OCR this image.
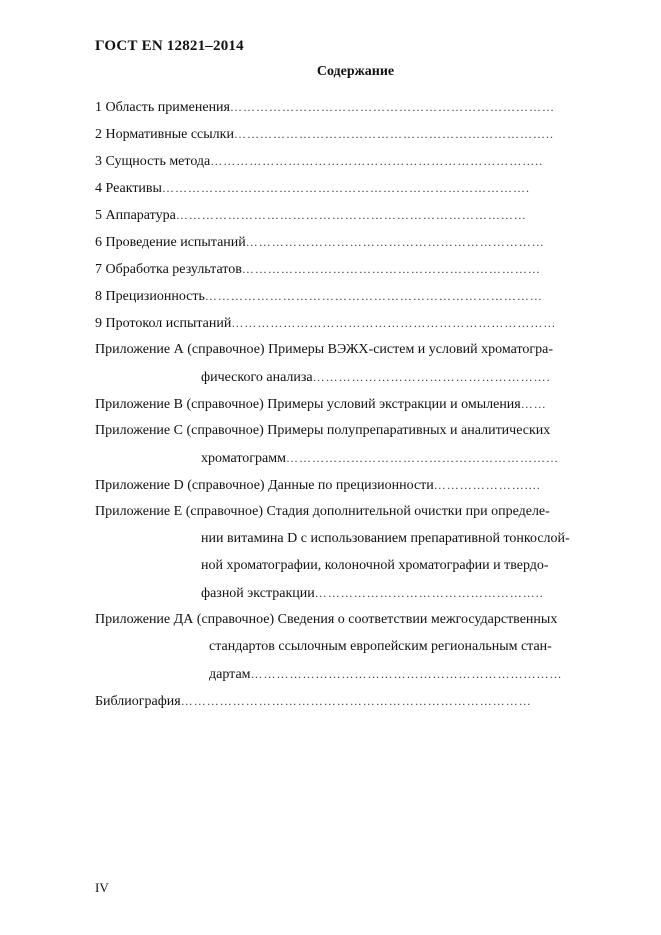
ГОСТ EN 12821–2014
Содержание
1 Область применения…………………………………………………………………
2 Нормативные ссылки………………………………………………………………..
3 Сущность метода…………………………………………………………………..
4 Реактивы………………………………………………………………………….
5 Аппаратура………………………………………………………………………
6 Проведение испытаний……………………………………………………………
7 Обработка результатов……………………………………………………………
8 Прецизионность……………………………………………………………………
9 Протокол испытаний…………………………………………………………………
Приложение А (справочное) Примеры ВЭЖХ-систем и условий хроматогра-
фического анализа……………………………………………….
Приложение В (справочное) Примеры условий экстракции и омыления……
Приложение С (справочное) Примеры полупрепаративных и аналитических
хроматограмм………………………………………………………
Приложение D (справочное) Данные по прецизионности…………………....
Приложение Е (справочное) Стадия дополнительной очистки при определе-
нии витамина D с использованием препаративной тонкослой-
ной хроматографии, колоночной хроматографии и твердо-
фазной экстракции……………………………………………..
Приложение ДА (справочное) Сведения о соответствии межгосударственных
стандартов ссылочным европейским региональным стан-
дартам………………………………………………………………
Библиография………………………………………………………………………
IV
